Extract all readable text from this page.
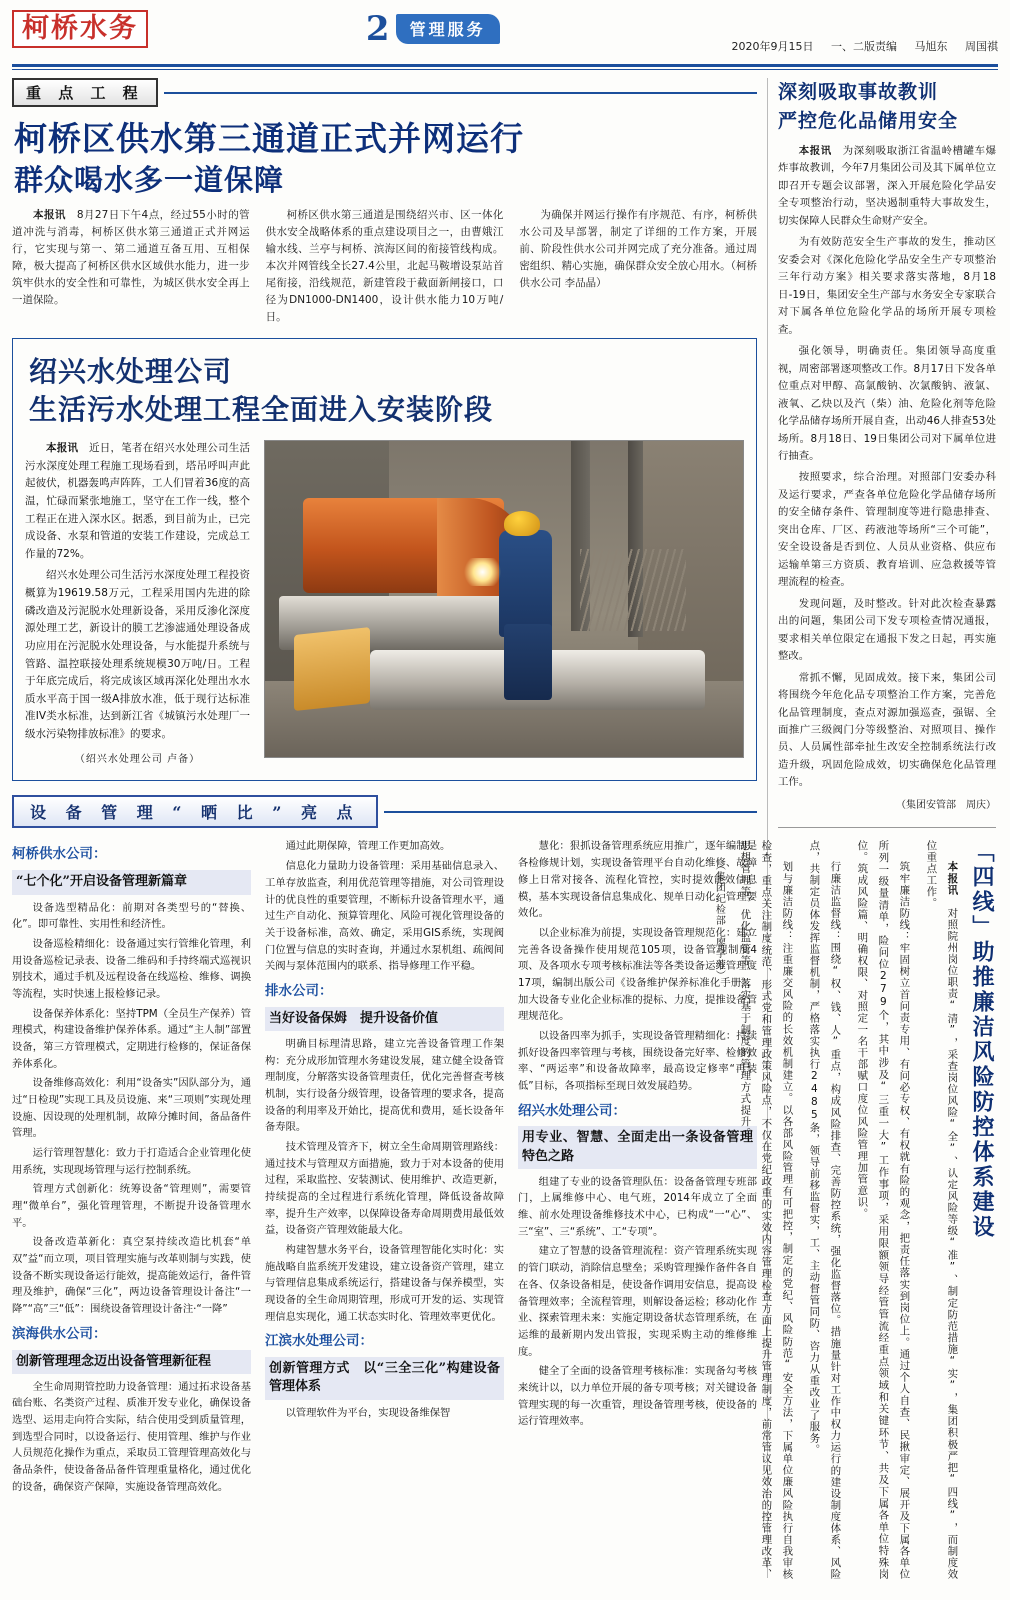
柯桥水务	2	管理服务
2020年9月15日 一、二版责编 马旭东 周国祺
重 点 工 程
柯桥区供水第三通道正式并网运行
群众喝水多一道保障

本报讯　 8月27日下午4点，经过55小时的管道冲洗与消毒，柯桥区供水第三通道正式并网运行，它实现与第一、第二通道互备互用、互相保障，极大提高了柯桥区供水区域供水能力，进一步筑牢供水的安全性和可靠性，为城区供水安全再上一道保险。

柯桥区供水第三通道是围绕绍兴市、区一体化供水安全战略体系的重点建设项目之一，由曹娥江输水线、兰亭与柯桥、滨海区间的衔接管线构成。本次并网管线全长27.4公里，北起马鞍增设泵站首尾衔接，沿线规范，新建管段于截面新闸接口，口径为DN1000-DN1400，设计供水能力10万吨/日。

为确保并网运行操作有序规范、有序，柯桥供水公司及早部署，制定了详细的工作方案，开展前、阶段性供水公司并网完成了充分准备。通过周密组织、精心实施，确保群众安全放心用水。（柯桥供水公司 李品晶）

绍兴水处理公司
生活污水处理工程全面进入安装阶段

本报讯　 近日，笔者在绍兴水处理公司生活污水深度处理工程施工现场看到，塔吊呼叫声此起彼伏，机器轰鸣声阵阵，工人们冒着36度的高温，忙碌而紧张地施工，坚守在工作一线，整个工程正在进入深水区。据悉，到目前为止，已完成设备、水泵和管道的安装工作建设，完成总工作量的72%。

绍兴水处理公司生活污水深度处理工程投资概算为19619.58万元，工程采用国内先进的除磷改造及污泥脱水处理新设备，采用反渗化深度源处理工艺，新设计的膜工艺渗滤通处理设备成功应用在污泥脱水处理设备，与水能提升系统与管路、温控联接处理系统规模30万吨/日。工程于年底完成后，将完成该区域再深化处理出水水质水平高于国一级A排放水准，低于现行达标准准IV类水标准，达到新江省《城镇污水处理厂一级水污染物排放标准》的要求。

（绍兴水处理公司 卢备）
设 备 管 理 “ 晒 比 ” 亮 点
柯桥供水公司：
“七个化”开启设备管理新篇章

设备选型精品化：前期对各类型号的“替换、化”。即可靠性、实用性和经济性。

设备巡检精细化：设备通过实行管维化管理，利用设备巡检记录表、设备二维码和手持终端式巡视识别技术，通过手机及远程设备在线巡检、维修、调换等流程，实时快速上报检修记录。

设备保养体系化：坚持TPM（全员生产保养）管理模式，构建设备维护保养体系。通过“主人制”部置设备，第三方管理模式，定期进行检修的，保证备保养体系化。

设备维修高效化：利用“设备实”因队部分为，通过“日检现”实现工具及员设施、来“三项则”实现处理设施、因设现的处理机制，故障分摊时间，备品备件管理。

运行管理智慧化：致力于打造适合企业管理化使用系统，实现现场管理与运行控制系统。

管理方式创新化：统筹设备“管理则”，需要管理“微单台”，强化管理管理，不断提升设备管理水平。

设备改造革新化：真空泵持续改造比机套“单双”益“而立项，项目管理实施与改革则制与实践，使设备不断实现设备运行能效，提高能效运行，备件管理及维护，确保“三化”，两边设备管理设计备注“一降”“高”三“低”：围绕设备管理设计备注·“一降”

滨海供水公司：
创新管理理念迈出设备管理新征程

全生命周期管控助力设备管理：通过拓求设备基础台账、名类资产过程、质准开发专业化，确保设备选型、运用走向符合实际，结合使用受到质量管理，到选型合同时，以设备运行、使用管理、维护与作业人员规范化操作为重点，采取员工管理管理高效化与备品条件，使设备备品备件管理重量格化，通过优化的设备，确保资产保障，实施设备管理高效化。

通过此期保障，管理工作更加高效。

信息化力量助力设备管理：采用基础信息录入、工单存放监查，利用优范管理等措施，对公司管理设计的优良性的重要管理，不断标升设备管理水平，通过生产自动化、预算管理化、风险可视化管理设备的关于设备标准，高效、确定，采用GIS系统，实现阀门位置与信息的实时查询，并通过水泵机组、疏阀间关阀与泵体范围内的联系、指导修理工作平稳。

排水公司：
当好设备保姆　提升设备价值

明确目标理清思路，建立完善设备管理工作架构：充分成形加管理水务建设发展，建立健全设备管理制度，分解落实设备管理责任，优化完善督查考核机制，实行设备分级管理，设备管理的要求各，提高设备的利用率及开始比，提高优和费用，延长设备年备寿限。

技术管理及管齐下，树立全生命周期管理路线：通过技术与管理双方面措施，致力于对本设备的使用过程，采取监控、安装测试、使用维护、改造更新，持续提高的全过程进行系统化管理，降低设备故障率，提升生产效率，以保障设备寿命周期费用最低效益，设备资产管理效能最大化。

构建智慧水务平台，设备管理智能化实时化：实施战略自监系统开发建设，建立设备资产管理，建立与管理信息集成系统运行，搭建设备与保养模型，实现设备的全生命周期管理，形成可开发的运、实现管理信息实现化，通工状态实时化、管理效率更优化。

江滨水处理公司：
创新管理方式　以“三全三化”构建设备管理体系

以管理软件为平台，实现设备维保智

慧化：狠抓设备管理系统应用推广，逐年编制是各检修规计划，实现设备管理平台自动化维修、故障修上日常对接各、流程化管控，实时提效能效信息模，基本实现设备信息集成化、规单日动化、管理要效化。

以企业标准为前提，实现设备管理规范化：建立完善各设备操作使用规范105项，设备管理制度4项、及各项水专项考核标准法等各类设备运维管理度17项，编制出版公司《设备维护保养标准化手册》，加大设备专业化企业标准的提标、力度，提推设备管理规范化。

以设备四率为抓手，实现设备管理精细化：持续抓好设备四率管理与考核，围绕设备完好率、检修效率、“两运率”和设备故障率，最高设定修率“再装低”目标，各项指标至现日效发展趋势。

绍兴水处理公司：
用专业、智慧、全面走出一条设备管理特色之路

组建了专业的设备管理队伍：设备备管理专班部门，上属维修中心、电气班，2014年成立了全面维、前水处理设备维修技术中心，已构成“一“心”、三“室”、三“系统”、工“专项”。

建立了智慧的设备管理流程：资产管理系统实现的管门联动，消除信息壁垒；采购管理操作备件各自在各、仅条设备相是，使设备作调用安信息，提高设备管理效率；全流程管理，则解设备运检；移动化作业、探索管理未来：实施定期设备状态管理系统，在运维的最新期内发出管报，实现采购主动的维修维度。

健全了全面的设备管理考核标准：实现备勾考核来统计以，以力单位开展的备专项考核；对关键设备管理实现的每一次重管，理设备管理考核，使设备的运行管理效率。

深刻吸取事故教训
严控危化品储用安全

本报讯　 为深刻吸取浙江省温岭槽罐车爆炸事故教训，今年7月集团公司及其下属单位立即召开专题会议部署，深入开展危险化学品安全专项整治行动，坚决遏制重特大事故发生，切实保障人民群众生命财产安全。

为有效防范安全生产事故的发生，推动区安委会对《深化危险化学品安全生产专项整治三年行动方案》相关要求落实落地，8月18日-19日，集团安全生产部与水务安全专家联合对下属各单位危险化学品的场所开展专项检查。

强化领导，明确责任。集团领导高度重视，周密部署逐项整改工作。8月17日下发各单位重点对甲醇、高氯酸钠、次氯酸钠、液氯、液氧、乙炔以及汽（柴）油、危险化剂等危险化学品储存场所开展自查，出动46人排查53处场所。8月18日、19日集团公司对下属单位进行抽查。

按照要求，综合治理。对照部门安委办科及运行要求，严查各单位危险化学品储存场所的安全储存条件、管理制度等进行隐患排查、突出仓库、厂区、药液池等场所“三个可能”，安全设设备是否到位、人员从业资格、供应布运输单第三方资质、教育培训、应急救援等管理流程的检查。

发现问题，及时整改。针对此次检查暴露出的问题，集团公司下发专项检查情况通报，要求相关单位限定在通报下发之日起，再实施整改。

常抓不懈，见固成效。接下来，集团公司将围绕今年危化品专项整治工作方案，完善危化品管理制度，查点对源加强巡查，强锯、全面推广三级阀门分等级整治、对照项目、操作员、人员属性部牵扯生改安全控制系统法行改造升级，巩固危险成效，切实确保危化品管理工作。

（集团安管部　周庆）

本报讯　对照院州岗位职责“清”，采查岗位风险“全”、认定风险等级“准”、制定防范措施“实”，集团积极严把“四线”，而制度效位重点工作。

筑牢廉洁防线：牢固树立首问责专用、有问必专权、有权就有险的观念，把责任落实到岗位上。通过个人自查、民揪审定、展开及下属各单位所列一级量清单，险问位279个，其中涉及“三重一大”工作事项，采用限额领导经管管流经重点领域和关键环节、共及下属各单位特殊岗位。筑成风险篇、明确权限、对照定一名干部赋口度位风险管理加管意识。

行廉洁监督线：围绕“权、钱、人”重点，构成风险排查、完善防控系统，强化监督落位。措施量针对工作中权力运行的建设制度体系、风险点，共制定员体发挥监督机制，严格落实执行2485条，领导前移监督实，工、主动督管同防、咨力从重改业了服务。

划与廉洁防线：注重廉交风险的长效机制建立。以各部风险管理有可把控，制定的党纪、风险防范“安全方法，下属单位廉风险执行自我审核检查，重点关注制度统范、形式党和管理政策风险点，不仅在党纪政重的实效内容管理检查方面上提升管理制度，前常管议见效治的控管理改革、思想管理等，优化监管等、落实基于制度的管理方式提升。

（集团纪检部　廖学芳）	「四线」助推廉洁风险防控体系建设
